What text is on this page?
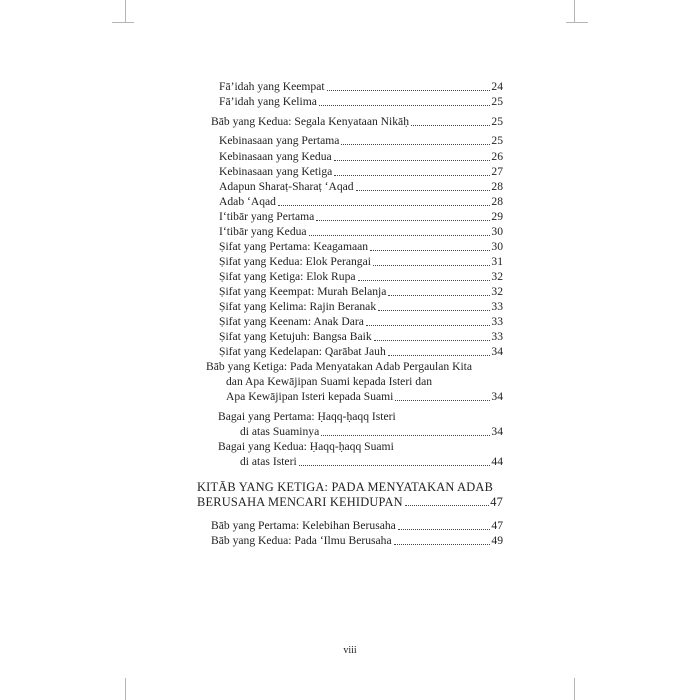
Fā’idah yang Keempat	24
Fā’idah yang Kelima	25
Bāb yang Kedua: Segala Kenyataan Nikāḥ	25
Kebinasaan yang Pertama	25
Kebinasaan yang Kedua	26
Kebinasaan yang Ketiga	27
Adapun Sharaṭ-Sharaṭ ‘Aqad	28
Adab ‘Aqad	28
I‘tibār yang Pertama	29
I‘tibār yang Kedua	30
Ṣifat yang Pertama: Keagamaan	30
Ṣifat yang Kedua: Elok Perangai	31
Ṣifat yang Ketiga: Elok Rupa	32
Ṣifat yang Keempat: Murah Belanja	32
Ṣifat yang Kelima: Rajin Beranak	33
Ṣifat yang Keenam: Anak Dara	33
Ṣifat yang Ketujuh: Bangsa Baik	33
Ṣifat yang Kedelapan: Qarābat Jauh	34
Bāb yang Ketiga: Pada Menyatakan Adab Pergaulan Kita
dan Apa Kewājipan Suami kepada Isteri dan
Apa Kewājipan Isteri kepada Suami	34
Bagai yang Pertama: Ḥaqq-ḥaqq Isteri
di atas Suaminya	34
Bagai yang Kedua: Ḥaqq-ḥaqq Suami
di atas Isteri	44
KITĀB YANG KETIGA: PADA MENYATAKAN ADAB
BERUSAHA MENCARI KEHIDUPAN	47
Bāb yang Pertama: Kelebihan Berusaha	47
Bāb yang Kedua: Pada ‘Ilmu Berusaha	49
viii
